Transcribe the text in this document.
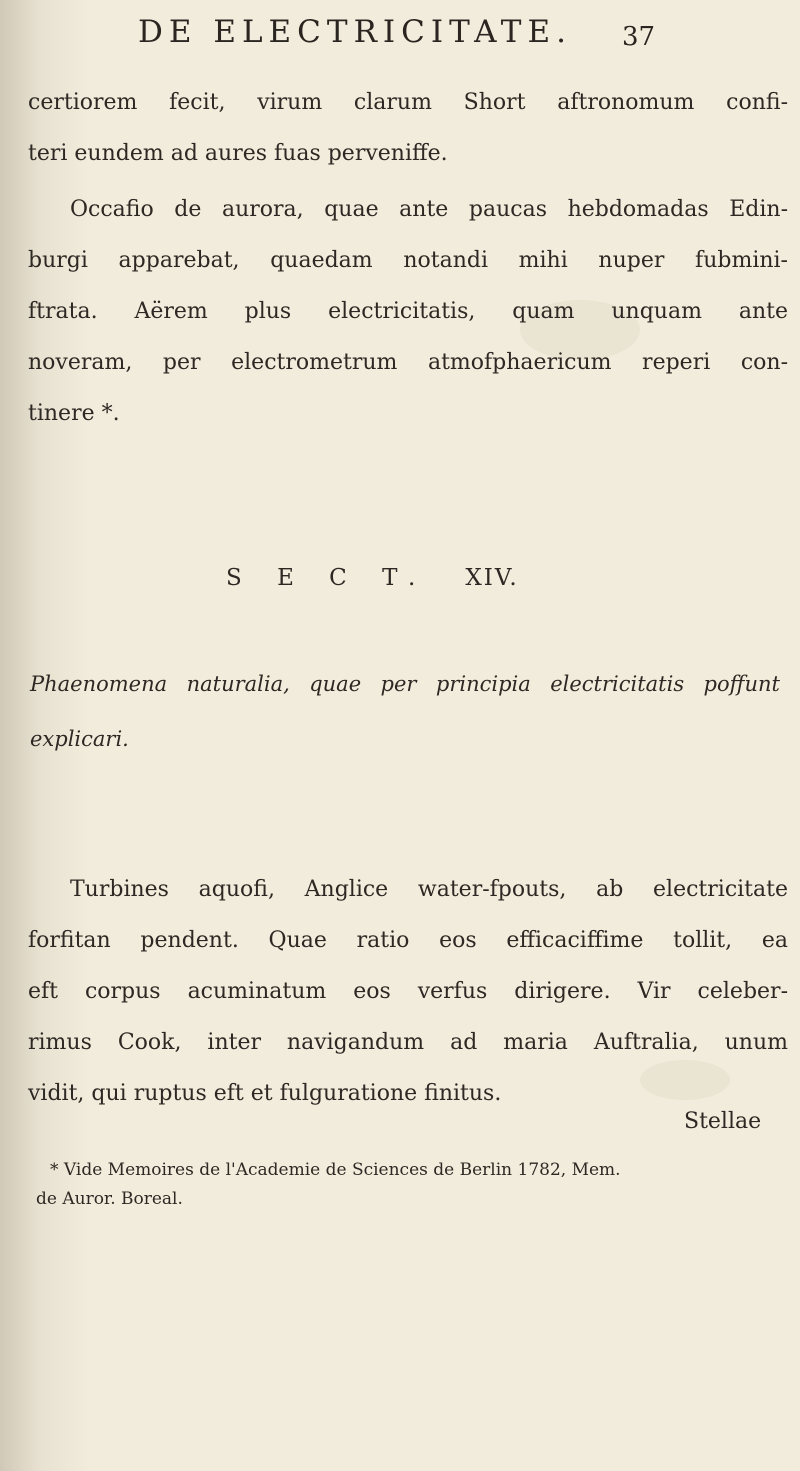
DE ELECTRICITATE. 37
certiorem fecit, virum clarum Short aftronomum confi-
teri eundem ad aures fuas perveniffe.
Occafio de aurora, quae ante paucas hebdomadas Edin-
burgi apparebat, quaedam notandi mihi nuper fubmini-
ftrata. Aërem plus electricitatis, quam unquam ante
noveram, per electrometrum atmofphaericum reperi con-
tinere *.
S E C T. XIV.
Phaenomena naturalia, quae per principia electricitatis poffunt
explicari.
Turbines aquofi, Anglice water-fpouts, ab electricitate
forfitan pendent. Quae ratio eos efficaciffime tollit, ea
eft corpus acuminatum eos verfus dirigere. Vir celeber-
rimus Cook, inter navigandum ad maria Auftralia, unum
vidit, qui ruptus eft et fulguratione finitus.
Stellae
* Vide Memoires de l'Academie de Sciences de Berlin 1782, Mem.
de Auror. Boreal.
